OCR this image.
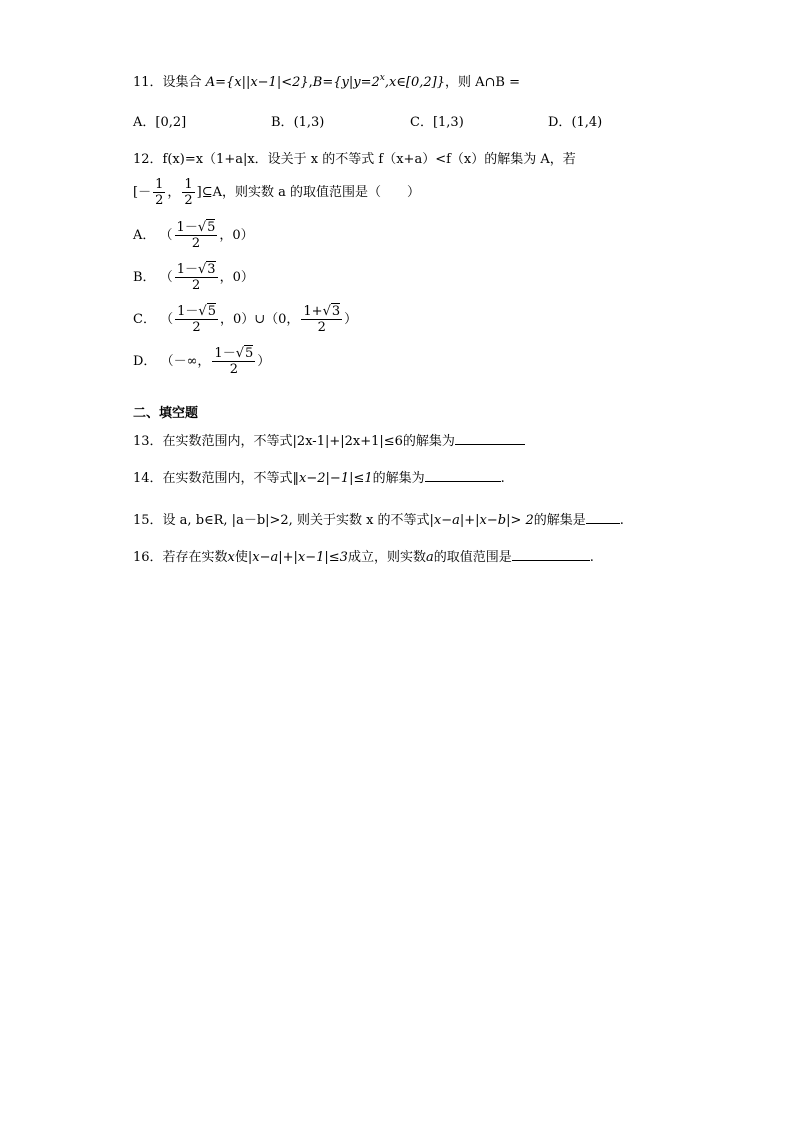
11．设集合 $A=\{x||x-1|<2\},B=\{y|y=2^x,x\in[0,2]\}$，则 A∩B =
A．[0,2]	B．(1,3)	C．[1,3)	D．(1,4)
12．f(x)=x（1+a|x．设关于 x 的不等式 f（x+a）<f（x）的解集为 A，若
[－ $\frac{1}{2}$ ， $\frac{1}{2}$ ]⊆A，则实数 a 的取值范围是（　　）
A． （ $\frac{1-√5}{2}$ ，0）
B． （ $\frac{1-√3}{2}$ ，0）
C． （ $\frac{1-√5}{2}$ ，0）∪（0， $\frac{1+√3}{2}$ ）
D． （－∞， $\frac{1-√5}{2}$ ）
二、填空题
13．在实数范围内，不等式|2x-1|+|2x+1|≤6的解集为
14．在实数范围内，不等式‖x−2|−1|≤1的解集为	.
15．设 a, b∈R, |a－b|>2, 则关于实数 x 的不等式|x−a|+|x−b|> 2的解集是	.
16．若存在实数x使|x−a|+|x−1|≤3成立，则实数a的取值范围是	.
